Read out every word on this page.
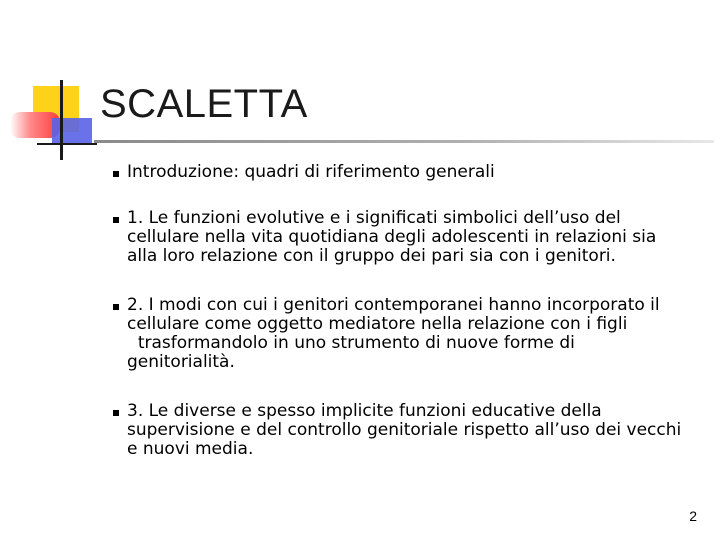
SCALETTA
Introduzione: quadri di riferimento generali
1. Le funzioni evolutive e i significati simbolici dell’uso del
cellulare nella vita quotidiana degli adolescenti in relazioni sia
alla loro relazione con il gruppo dei pari sia con i genitori.
2. I modi con cui i genitori contemporanei hanno incorporato il
cellulare come oggetto mediatore nella relazione con i figli
trasformandolo in uno strumento di nuove forme di
genitorialità.
3. Le diverse e spesso implicite funzioni educative della
supervisione e del controllo genitoriale rispetto all’uso dei vecchi
e nuovi media.
2
